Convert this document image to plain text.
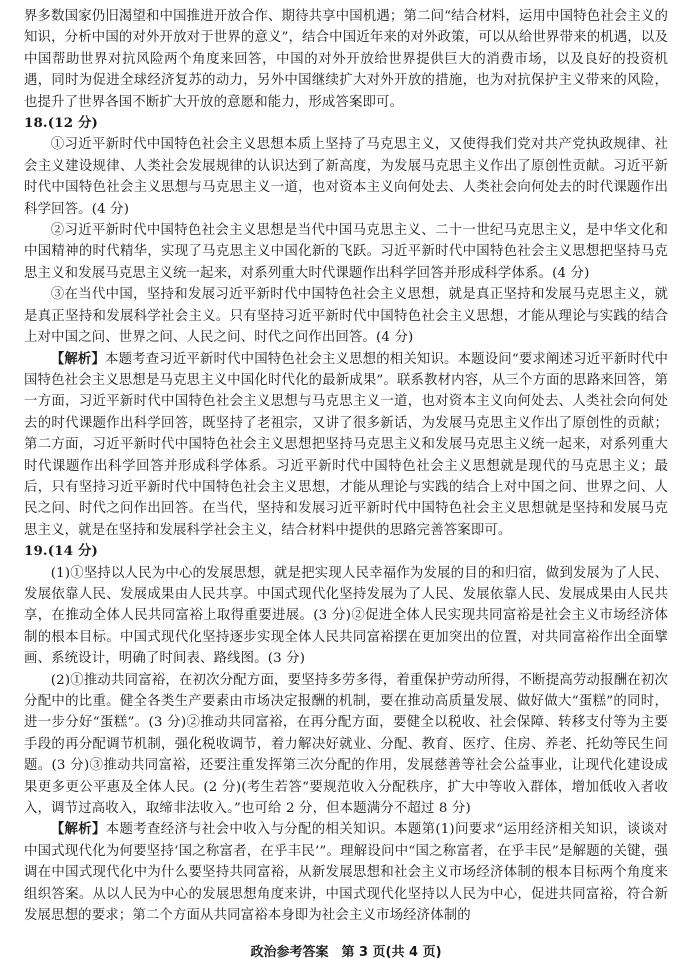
界多数国家仍旧渴望和中国推进开放合作、期待共享中国机遇；第二问“结合材料，运用中国特色社会主义的知识，分析中国的对外开放对于世界的意义”，结合中国近年来的对外政策，可以从给世界带来的机遇，以及中国帮助世界对抗风险两个角度来回答，中国的对外开放给世界提供巨大的消费市场，以及良好的投资机遇，同时为促进全球经济复苏的动力，另外中国继续扩大对外开放的措施，也为对抗保护主义带来的风险，也提升了世界各国不断扩大开放的意愿和能力，形成答案即可。

18.(12 分)

①习近平新时代中国特色社会主义思想本质上坚持了马克思主义，又使得我们党对共产党执政规律、社会主义建设规律、人类社会发展规律的认识达到了新高度，为发展马克思主义作出了原创性贡献。习近平新时代中国特色社会主义思想与马克思主义一道，也对资本主义向何处去、人类社会向何处去的时代课题作出科学回答。(4 分)

②习近平新时代中国特色社会主义思想是当代中国马克思主义、二十一世纪马克思主义，是中华文化和中国精神的时代精华，实现了马克思主义中国化新的飞跃。习近平新时代中国特色社会主义思想把坚持马克思主义和发展马克思主义统一起来，对系列重大时代课题作出科学回答并形成科学体系。(4 分)

③在当代中国，坚持和发展习近平新时代中国特色社会主义思想，就是真正坚持和发展马克思主义，就是真正坚持和发展科学社会主义。只有坚持习近平新时代中国特色社会主义思想，才能从理论与实践的结合上对中国之问、世界之问、人民之问、时代之问作出回答。(4 分)

【解析】本题考查习近平新时代中国特色社会主义思想的相关知识。本题设问“要求阐述习近平新时代中国特色社会主义思想是马克思主义中国化时代化的最新成果”。联系教材内容，从三个方面的思路来回答，第一方面，习近平新时代中国特色社会主义思想与马克思主义一道，也对资本主义向何处去、人类社会向何处去的时代课题作出科学回答，既坚持了老祖宗，又讲了很多新话，为发展马克思主义作出了原创性的贡献；第二方面，习近平新时代中国特色社会主义思想把坚持马克思主义和发展马克思主义统一起来，对系列重大时代课题作出科学回答并形成科学体系。习近平新时代中国特色社会主义思想就是现代的马克思主义；最后，只有坚持习近平新时代中国特色社会主义思想，才能从理论与实践的结合上对中国之问、世界之问、人民之问、时代之问作出回答。在当代，坚持和发展习近平新时代中国特色社会主义思想就是坚持和发展马克思主义，就是在坚持和发展科学社会主义，结合材料中提供的思路完善答案即可。

19.(14 分)

(1)①坚持以人民为中心的发展思想，就是把实现人民幸福作为发展的目的和归宿，做到发展为了人民、发展依靠人民、发展成果由人民共享。中国式现代化坚持发展为了人民、发展依靠人民、发展成果由人民共享，在推动全体人民共同富裕上取得重要进展。(3 分)②促进全体人民实现共同富裕是社会主义市场经济体制的根本目标。中国式现代化坚持逐步实现全体人民共同富裕摆在更加突出的位置，对共同富裕作出全面擘画、系统设计，明确了时间表、路线图。(3 分)

(2)①推动共同富裕，在初次分配方面，要坚持多劳多得，着重保护劳动所得，不断提高劳动报酬在初次分配中的比重。健全各类生产要素由市场决定报酬的机制，要在推动高质量发展、做好做大“蛋糕”的同时，进一步分好“蛋糕”。(3 分)②推动共同富裕，在再分配方面，要健全以税收、社会保障、转移支付等为主要手段的再分配调节机制，强化税收调节，着力解决好就业、分配、教育、医疗、住房、养老、托幼等民生问题。(3 分)③推动共同富裕，还要注重发挥第三次分配的作用，发展慈善等社会公益事业，让现代化建设成果更多更公平惠及全体人民。(2 分)(考生若答“要规范收入分配秩序，扩大中等收入群体，增加低收入者收入，调节过高收入，取缔非法收入。”也可给 2 分，但本题满分不超过 8 分)

【解析】本题考查经济与社会中收入与分配的相关知识。本题第(1)问要求“运用经济相关知识，谈谈对中国式现代化为何要坚持‘国之称富者，在乎丰民’”。理解设问中“国之称富者，在乎丰民”是解题的关键，强调在中国式现代化中为什么要坚持共同富裕，从新发展思想和社会主义市场经济体制的根本目标两个角度来组织答案。从以人民为中心的发展思想角度来讲，中国式现代化坚持以人民为中心，促进共同富裕，符合新发展思想的要求；第二个方面从共同富裕本身即为社会主义市场经济体制的

政治参考答案　第 3 页(共 4 页)
